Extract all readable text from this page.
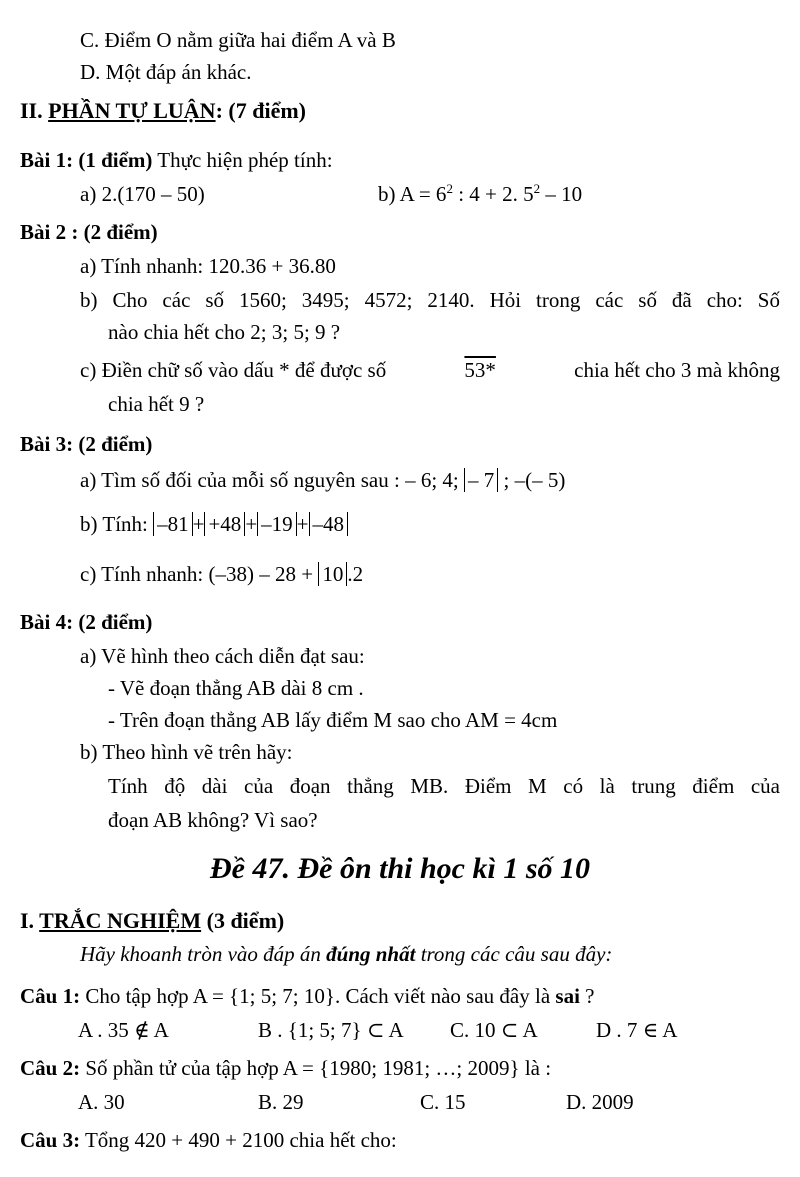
C. Điểm O nằm giữa hai điểm A và B
D. Một đáp án khác.
II. PHẦN TỰ LUẬN: (7 điểm)
Bài 1: (1 điểm) Thực hiện phép tính:
a) 2.(170 – 50)	b) $A = 6^2$ : 4 + 2. $5^2 - 10$
Bài 2 : (2 điểm)
a) Tính nhanh: 120.36 + 36.80
b) Cho các số 1560; 3495; 4572; 2140. Hỏi trong các số đã cho: Số
nào chia hết cho 2; 3; 5; 9 ?
c) Điền chữ số vào dấu * để được số	53*	chia hết cho 3 mà không
chia hết 9 ?
Bài 3: (2 điểm)
a) Tìm số đối của mỗi số nguyên sau : – 6; 4; – 7 ; –(– 5)
b) Tính: –81 + +48 + –19 + –48
c) Tính nhanh: (–38) – 28 + 10 .2
Bài 4: (2 điểm)
a) Vẽ hình theo cách diễn đạt sau:
- Vẽ đoạn thẳng AB dài 8 cm .
- Trên đoạn thẳng AB lấy điểm M sao cho AM = 4cm
b) Theo hình vẽ trên hãy:
Tính độ dài của đoạn thẳng MB. Điểm M có là trung điểm của
đoạn AB không? Vì sao?
Đề 47. Đề ôn thi học kì 1 số 10
I. TRẮC NGHIỆM (3 điểm)
Hãy khoanh tròn vào đáp án đúng nhất trong các câu sau đây:
Câu 1: Cho tập hợp A = {1; 5; 7; 10}. Cách viết nào sau đây là sai ?
A . 35 ∉ A	B . {1; 5; 7} ⊂ A C. 10 ⊂ A	D . 7 ∈ A
Câu 2: Số phần tử của tập hợp A = {1980; 1981; …; 2009} là :
A. 30	B. 29	C. 15	D. 2009
Câu 3: Tổng 420 + 490 + 2100 chia hết cho:
